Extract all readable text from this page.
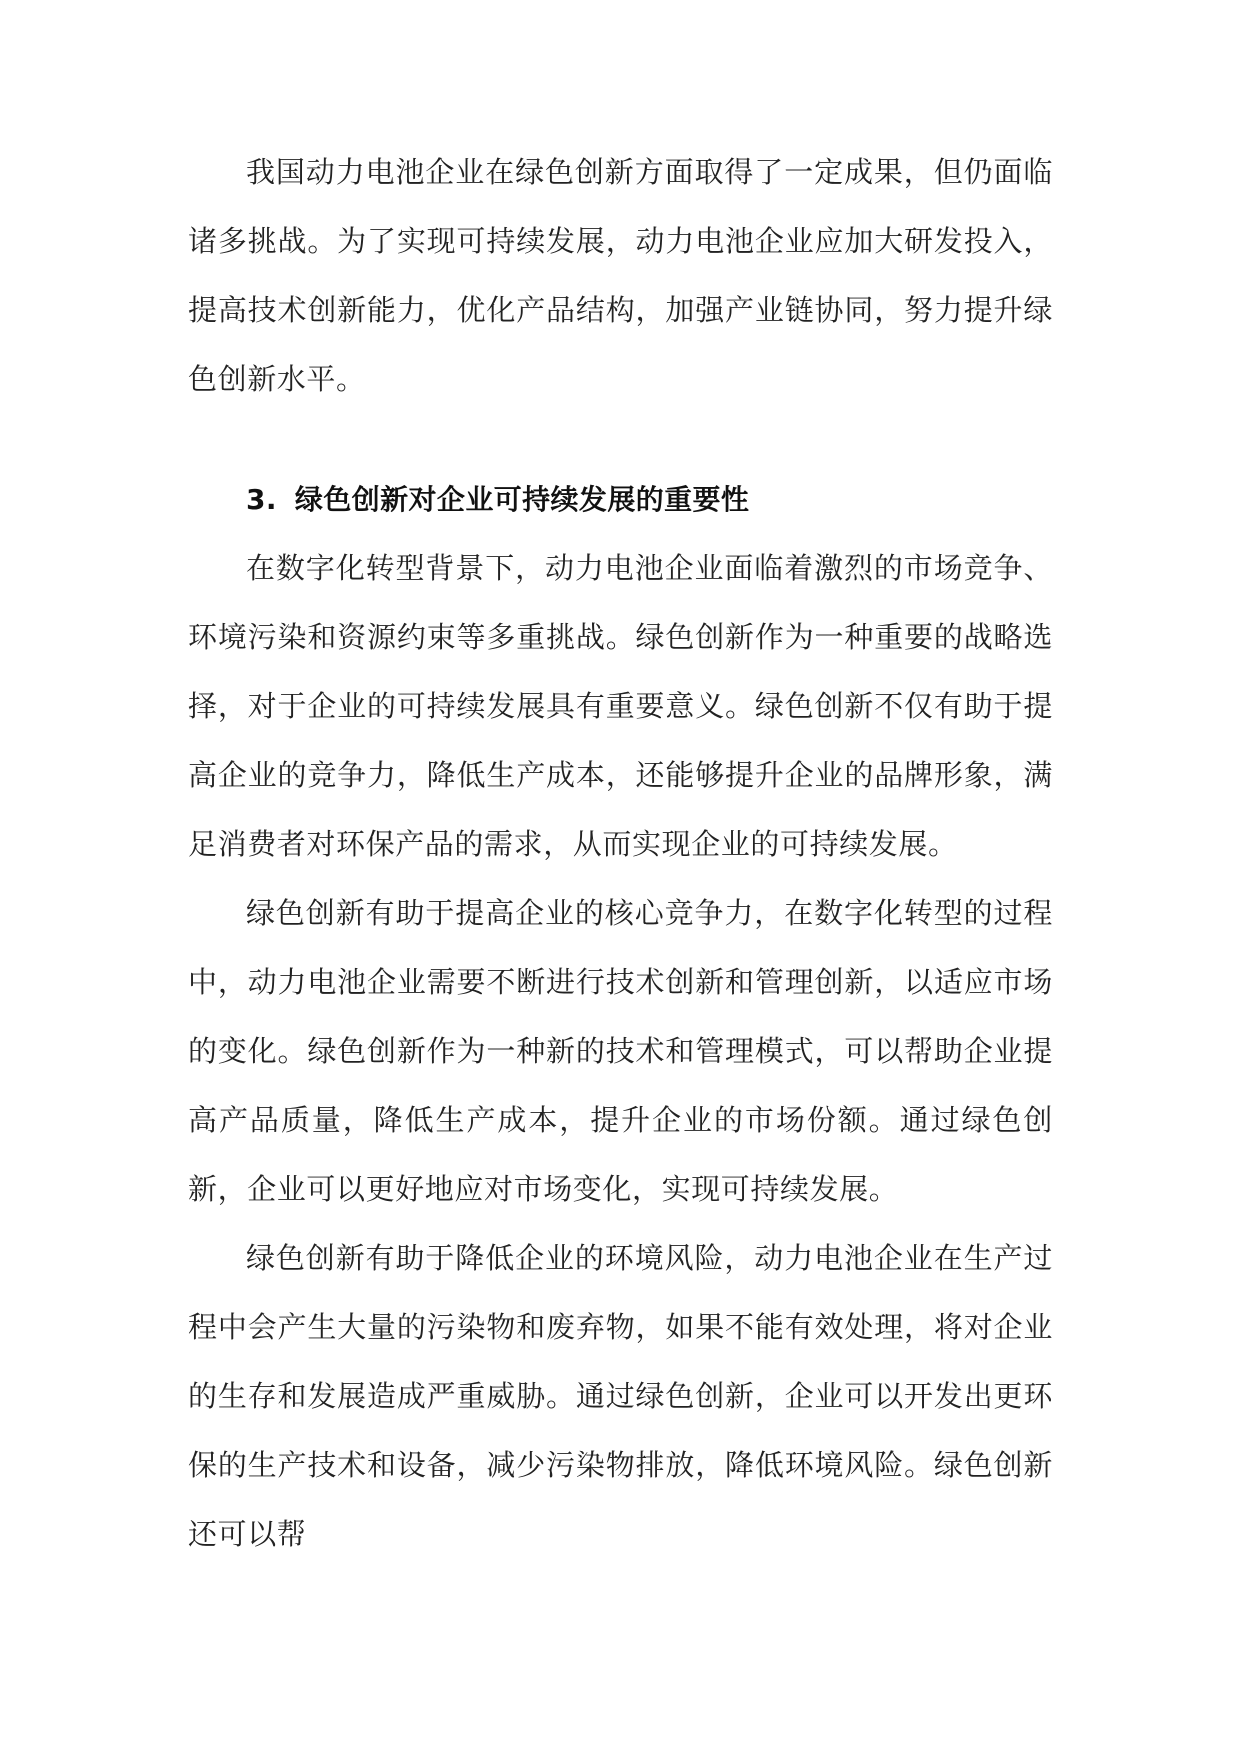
我国动力电池企业在绿色创新方面取得了一定成果，但仍面临诸多挑战。为了实现可持续发展，动力电池企业应加大研发投入，提高技术创新能力，优化产品结构，加强产业链协同，努力提升绿色创新水平。

3. 绿色创新对企业可持续发展的重要性

在数字化转型背景下，动力电池企业面临着激烈的市场竞争、环境污染和资源约束等多重挑战。绿色创新作为一种重要的战略选择，对于企业的可持续发展具有重要意义。绿色创新不仅有助于提高企业的竞争力，降低生产成本，还能够提升企业的品牌形象，满足消费者对环保产品的需求，从而实现企业的可持续发展。

绿色创新有助于提高企业的核心竞争力，在数字化转型的过程中，动力电池企业需要不断进行技术创新和管理创新，以适应市场的变化。绿色创新作为一种新的技术和管理模式，可以帮助企业提高产品质量，降低生产成本，提升企业的市场份额。通过绿色创新，企业可以更好地应对市场变化，实现可持续发展。

绿色创新有助于降低企业的环境风险，动力电池企业在生产过程中会产生大量的污染物和废弃物，如果不能有效处理，将对企业的生存和发展造成严重威胁。通过绿色创新，企业可以开发出更环保的生产技术和设备，减少污染物排放，降低环境风险。绿色创新还可以帮
